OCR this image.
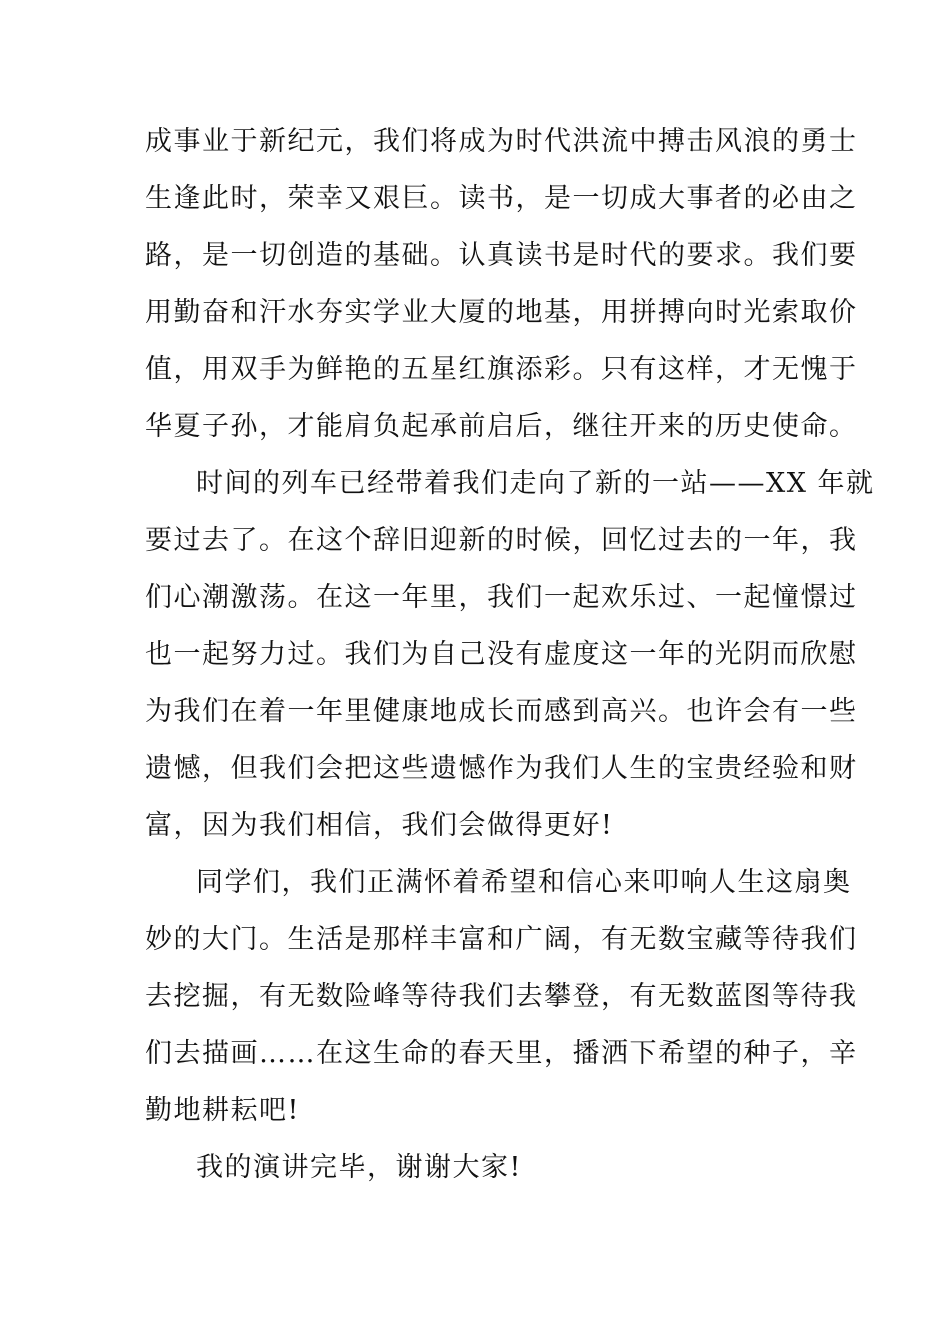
成事业于新纪元，我们将成为时代洪流中搏击风浪的勇士
生逢此时，荣幸又艰巨。读书，是一切成大事者的必由之
路，是一切创造的基础。认真读书是时代的要求。我们要
用勤奋和汗水夯实学业大厦的地基，用拼搏向时光索取价
值，用双手为鲜艳的五星红旗添彩。只有这样，才无愧于
华夏子孙，才能肩负起承前启后，继往开来的历史使命。
时间的列车已经带着我们走向了新的一站——XX 年就
要过去了。在这个辞旧迎新的时候，回忆过去的一年，我
们心潮激荡。在这一年里，我们一起欢乐过、一起憧憬过
也一起努力过。我们为自己没有虚度这一年的光阴而欣慰
为我们在着一年里健康地成长而感到高兴。也许会有一些
遗憾，但我们会把这些遗憾作为我们人生的宝贵经验和财
富，因为我们相信，我们会做得更好!
同学们，我们正满怀着希望和信心来叩响人生这扇奥
妙的大门。生活是那样丰富和广阔，有无数宝藏等待我们
去挖掘，有无数险峰等待我们去攀登，有无数蓝图等待我
们去描画……在这生命的春天里，播洒下希望的种子，辛
勤地耕耘吧!
我的演讲完毕，谢谢大家!
